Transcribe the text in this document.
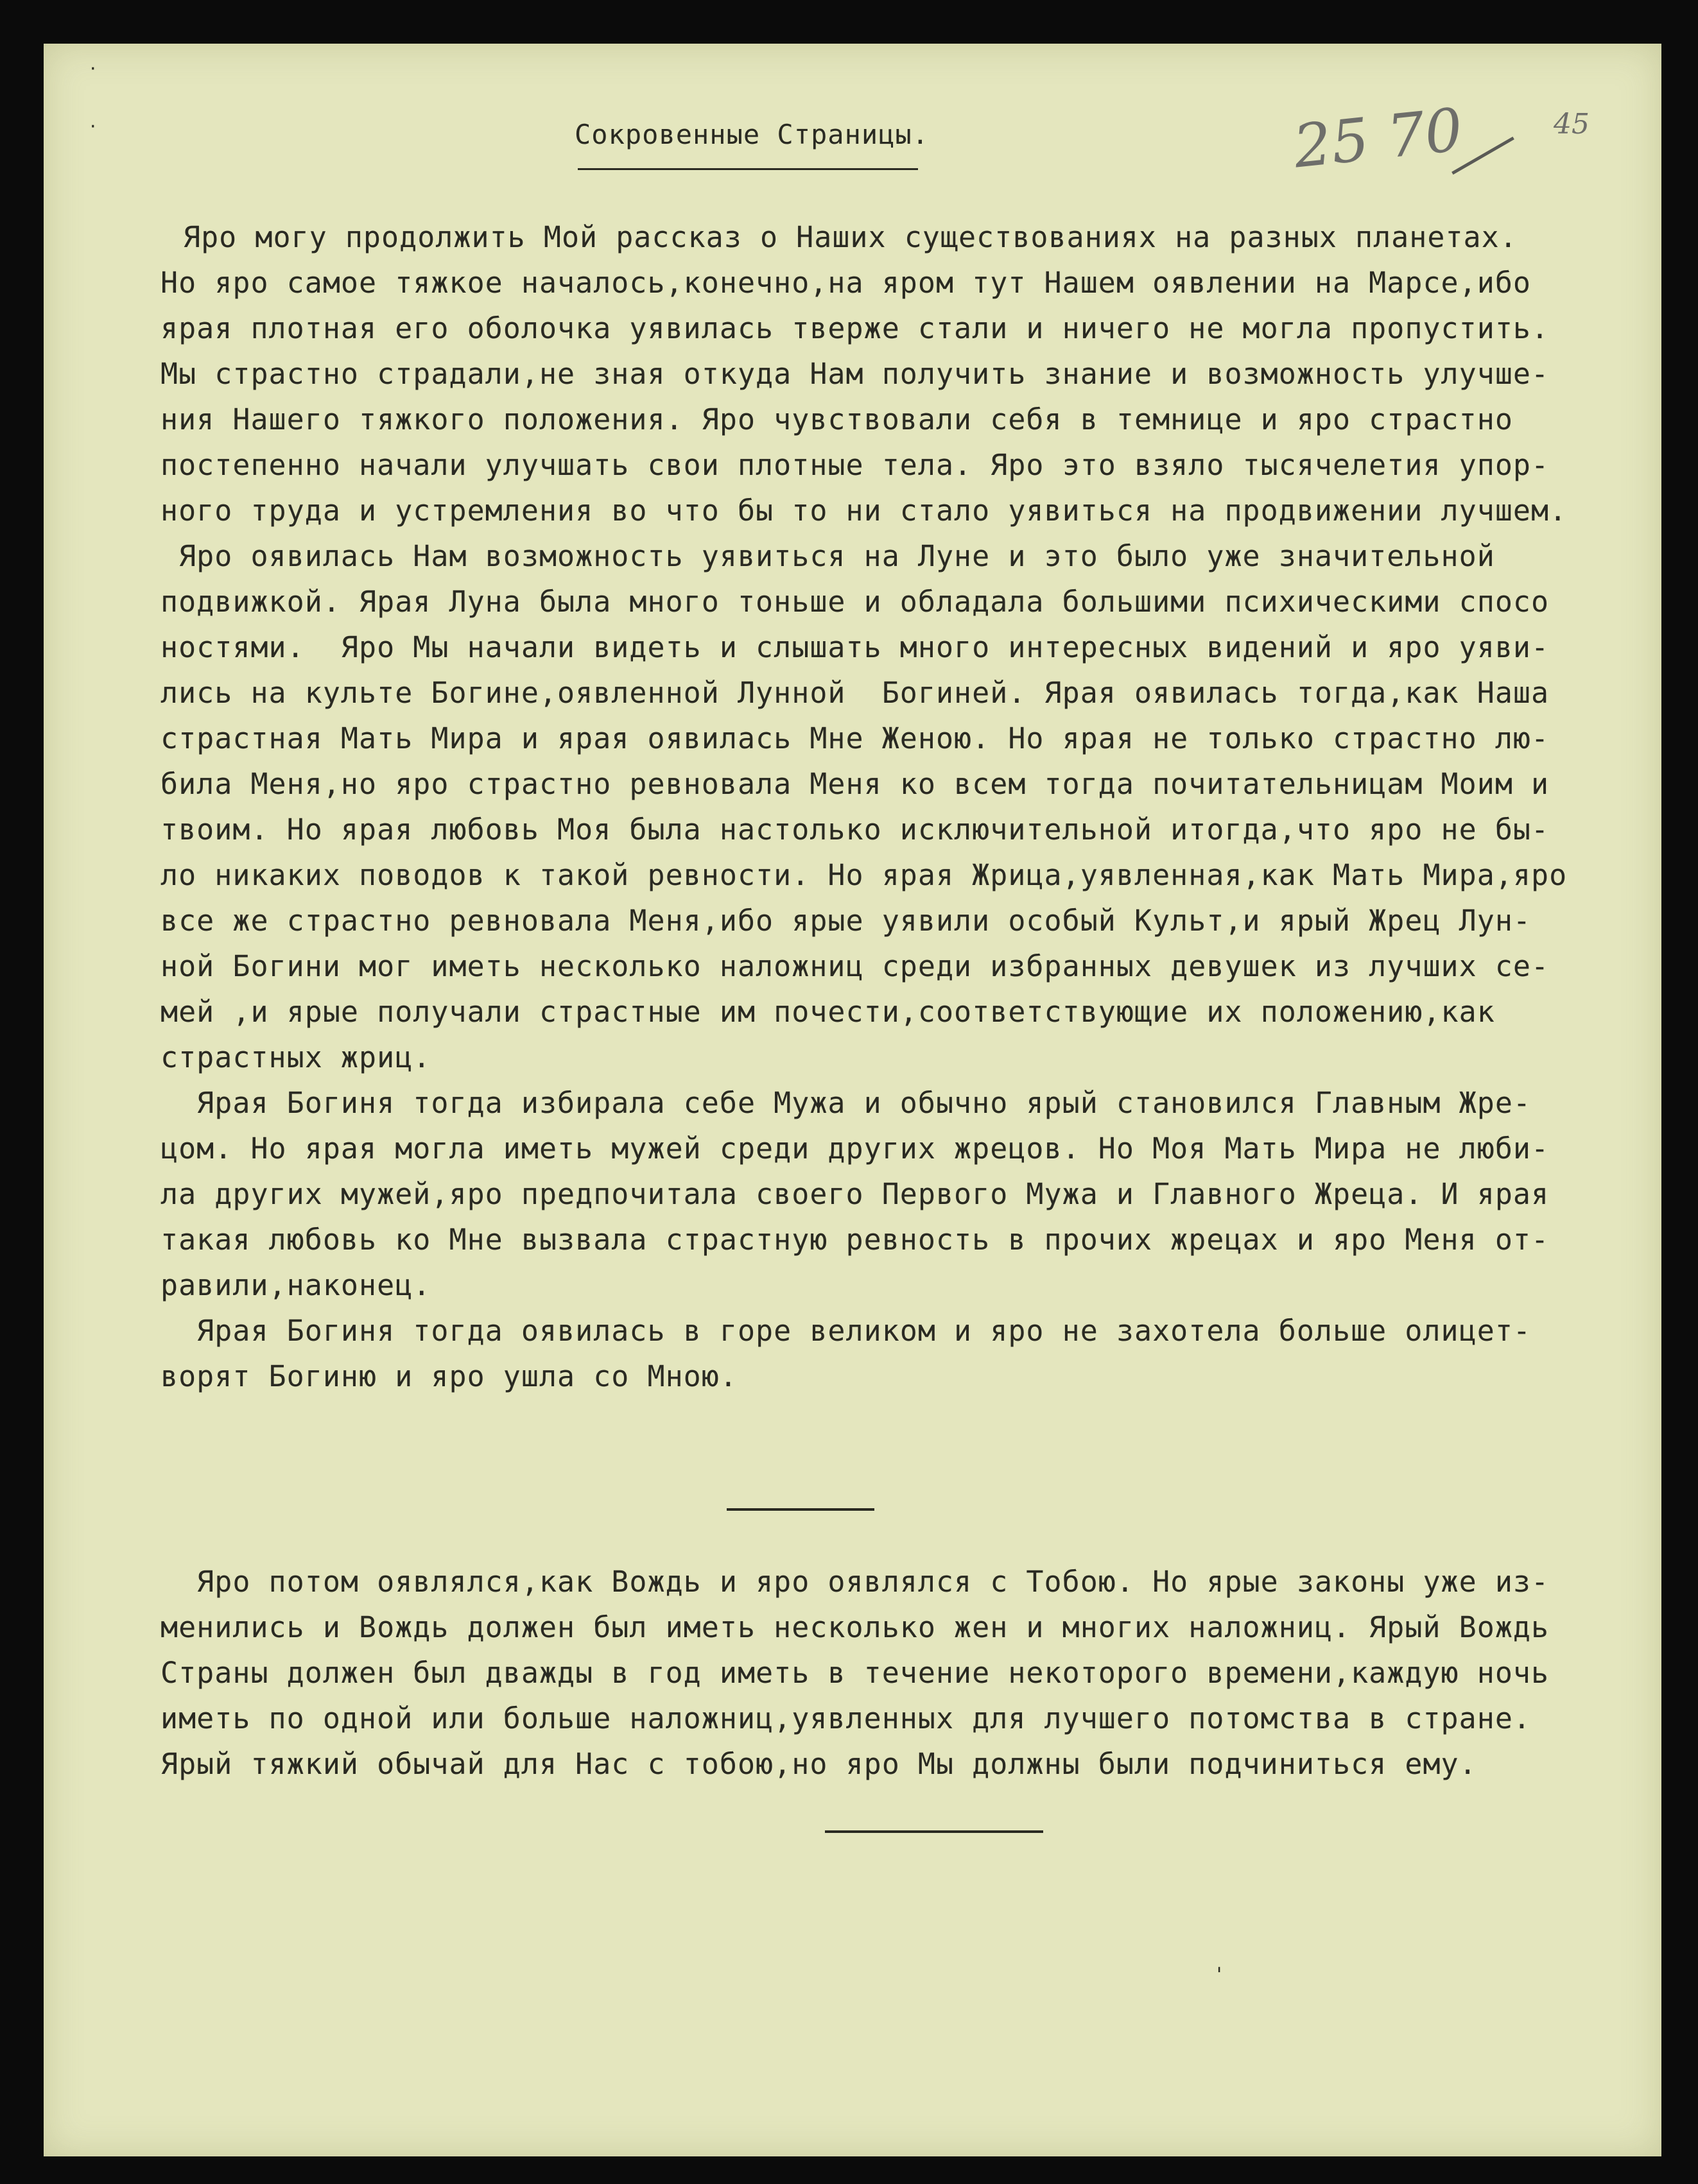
Сокровенные Страницы.	25 70	45
·
·
Яро могу продолжить Мой рассказ о Наших существованиях на разных планетах.
Но яро самое тяжкое началось,конечно,на яром тут Нашем оявлении на Марсе,ибо
ярая плотная его оболочка уявилась тверже стали и ничего не могла пропустить.
Мы страстно страдали,не зная откуда Нам получить знание и возможность улучше-
ния Нашего тяжкого положения. Яро чувствовали себя в темнице и яро страстно
постепенно начали улучшать свои плотные тела. Яро это взяло тысячелетия упор-
ного труда и устремления во что бы то ни стало уявиться на продвижении лучшем.
Яро оявилась Нам возможность уявиться на Луне и это было уже значительной
подвижкой. Ярая Луна была много тоньше и обладала большими психическими спосо
ностями.  Яро Мы начали видеть и слышать много интересных видений и яро уяви-
лись на культе Богине,оявленной Лунной  Богиней. Ярая оявилась тогда,как Наша
страстная Мать Мира и ярая оявилась Мне Женою. Но ярая не только страстно лю-
била Меня,но яро страстно ревновала Меня ко всем тогда почитательницам Моим и
твоим. Но ярая любовь Моя была настолько исключительной итогда,что яро не бы-
ло никаких поводов к такой ревности. Но ярая Жрица,уявленная,как Мать Мира,яро
все же страстно ревновала Меня,ибо ярые уявили особый Культ,и ярый Жрец Лун-
ной Богини мог иметь несколько наложниц среди избранных девушек из лучших се-
мей ,и ярые получали страстные им почести,соответствующие их положению,как
страстных жриц.
Ярая Богиня тогда избирала себе Мужа и обычно ярый становился Главным Жре-
цом. Но ярая могла иметь мужей среди других жрецов. Но Моя Мать Мира не люби-
ла других мужей,яро предпочитала своего Первого Мужа и Главного Жреца. И ярая
такая любовь ко Мне вызвала страстную ревность в прочих жрецах и яро Меня от-
равили,наконец.
Ярая Богиня тогда оявилась в горе великом и яро не захотела больше олицет-
ворят Богиню и яро ушла со Мною.
Яро потом оявлялся,как Вождь и яро оявлялся с Тобою. Но ярые законы уже из-
менились и Вождь должен был иметь несколько жен и многих наложниц. Ярый Вождь
Страны должен был дважды в год иметь в течение некоторого времени,каждую ночь
иметь по одной или больше наложниц,уявленных для лучшего потомства в стране.
Ярый тяжкий обычай для Нас с тобою,но яро Мы должны были подчиниться ему.
'
